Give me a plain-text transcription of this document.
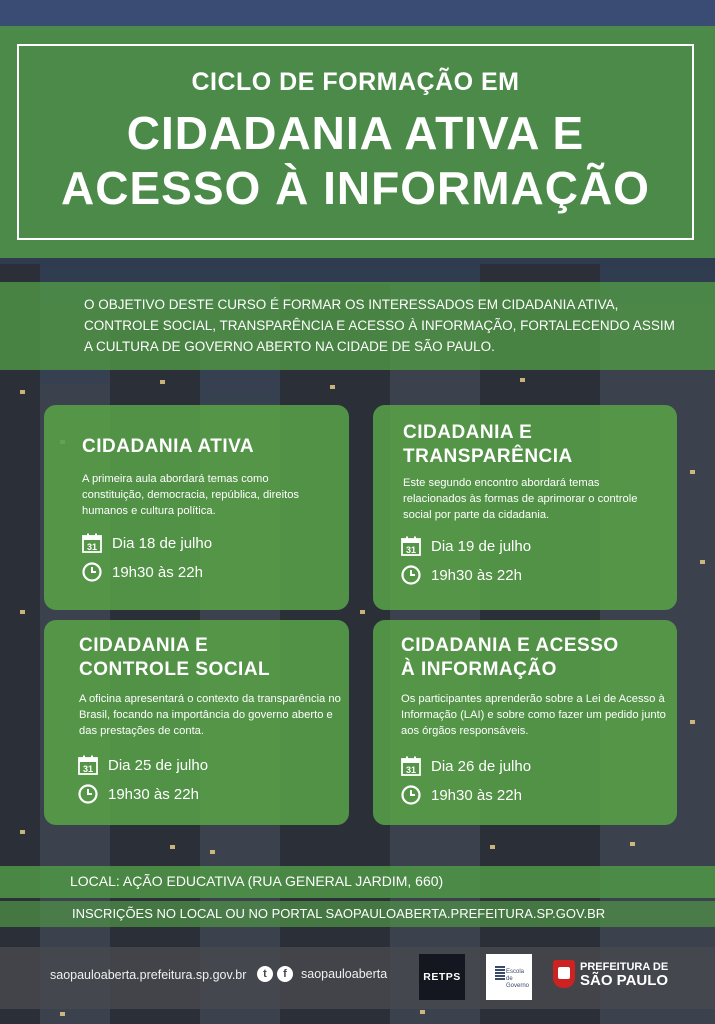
CICLO DE FORMAÇÃO EM
CIDADANIA ATIVA E
ACESSO À INFORMAÇÃO

O OBJETIVO DESTE CURSO É FORMAR OS INTERESSADOS EM CIDADANIA ATIVA, CONTROLE SOCIAL, TRANSPARÊNCIA E ACESSO À INFORMAÇÃO, FORTALECENDO ASSIM A CULTURA DE GOVERNO ABERTO NA CIDADE DE SÃO PAULO.

CIDADANIA ATIVA
A primeira aula abordará temas como constituição, democracia, república, direitos humanos e cultura política.
31 Dia 18 de julho
19h30 às 22h
CIDADANIA E
TRANSPARÊNCIA
Este segundo encontro abordará temas relacionados às formas de aprimorar o controle social por parte da cidadania.
31 Dia 19 de julho
19h30 às 22h
CIDADANIA E
CONTROLE SOCIAL
A oficina apresentará o contexto da transparência no Brasil, focando na importância do governo aberto e das prestações de conta.
31 Dia 25 de julho
19h30 às 22h
CIDADANIA E ACESSO
À INFORMAÇÃO
Os participantes aprenderão sobre a Lei de Acesso à Informação (LAI) e sobre como fazer um pedido junto aos órgãos responsáveis.
31 Dia 26 de julho
19h30 às 22h
LOCAL: AÇÃO EDUCATIVA (RUA GENERAL JARDIM, 660)
INSCRIÇÕES NO LOCAL OU NO PORTAL SAOPAULOABERTA.PREFEITURA.SP.GOV.BR
saopauloaberta.prefeitura.sp.gov.br	t	f	saopauloaberta	RETPS	Escola de
Governo
PREFEITURA DE
SÃO PAULO
